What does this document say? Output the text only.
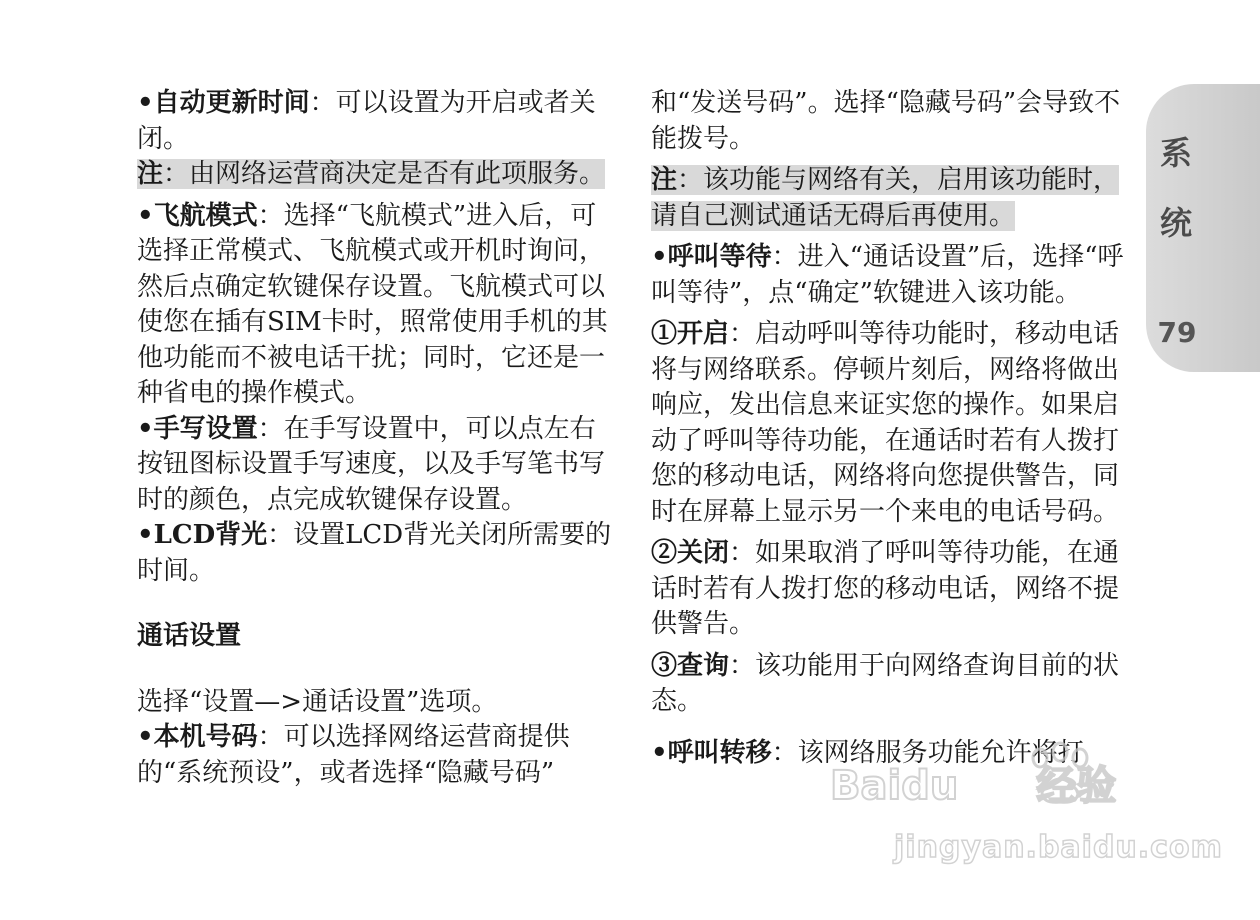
•自动更新时间：可以设置为开启或者关闭。

注：由网络运营商决定是否有此项服务。

•飞航模式：选择“飞航模式”进入后，可选择正常模式、飞航模式或开机时询问，然后点确定软键保存设置。飞航模式可以使您在插有SIM卡时，照常使用手机的其他功能而不被电话干扰；同时，它还是一种省电的操作模式。

•手写设置：在手写设置中，可以点左右按钮图标设置手写速度，以及手写笔书写时的颜色，点完成软键保存设置。

•LCD背光：设置LCD背光关闭所需要的时间。

通话设置

选择“设置—>通话设置”选项。

•本机号码：可以选择网络运营商提供的“系统预设”，或者选择“隐藏号码”

和“发送号码”。选择“隐藏号码”会导致不能拨号。

注：该功能与网络有关，启用该功能时，请自己测试通话无碍后再使用。

•呼叫等待：进入“通话设置”后，选择“呼叫等待”，点“确定”软键进入该功能。

①开启：启动呼叫等待功能时，移动电话将与网络联系。停顿片刻后，网络将做出响应，发出信息来证实您的操作。如果启动了呼叫等待功能，在通话时若有人拨打您的移动电话，网络将向您提供警告，同时在屏幕上显示另一个来电的电话号码。

②关闭：如果取消了呼叫等待功能，在通话时若有人拨打您的移动电话，网络不提供警告。

③查询：该功能用于向网络查询目前的状态。

•呼叫转移：该网络服务功能允许将打

系
统
79
Baidu 经验
jingyan.baidu.com
